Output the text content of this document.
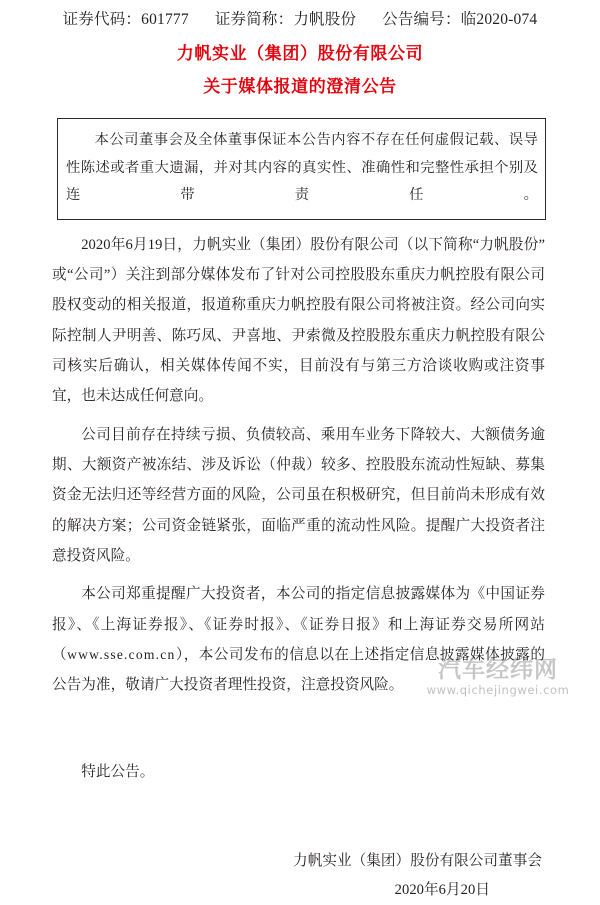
证券代码：601777 证券简称：力帆股份 公告编号：临2020-074
力帆实业（集团）股份有限公司
关于媒体报道的澄清公告
本公司董事会及全体董事保证本公告内容不存在任何虚假记载、误导性陈述或者重大遗漏，并对其内容的真实性、准确性和完整性承担个别及连带责任。

2020年6月19日，力帆实业（集团）股份有限公司（以下简称“力帆股份”或“公司”）关注到部分媒体发布了针对公司控股股东重庆力帆控股有限公司股权变动的相关报道，报道称重庆力帆控股有限公司将被注资。经公司向实际控制人尹明善、陈巧凤、尹喜地、尹索微及控股股东重庆力帆控股有限公司核实后确认，相关媒体传闻不实，目前没有与第三方洽谈收购或注资事宜，也未达成任何意向。

公司目前存在持续亏损、负债较高、乘用车业务下降较大、大额债务逾期、大额资产被冻结、涉及诉讼（仲裁）较多、控股股东流动性短缺、募集资金无法归还等经营方面的风险，公司虽在积极研究，但目前尚未形成有效的解决方案；公司资金链紧张，面临严重的流动性风险。提醒广大投资者注意投资风险。

本公司郑重提醒广大投资者，本公司的指定信息披露媒体为《中国证券报》、《上海证券报》、《证券时报》、《证券日报》和上海证券交易所网站（www.sse.com.cn），本公司发布的信息以在上述指定信息披露媒体披露的公告为准，敬请广大投资者理性投资，注意投资风险。

特此公告。

力帆实业（集团）股份有限公司董事会
2020年6月20日
汽车经纬网
www.qichejingwei.com
